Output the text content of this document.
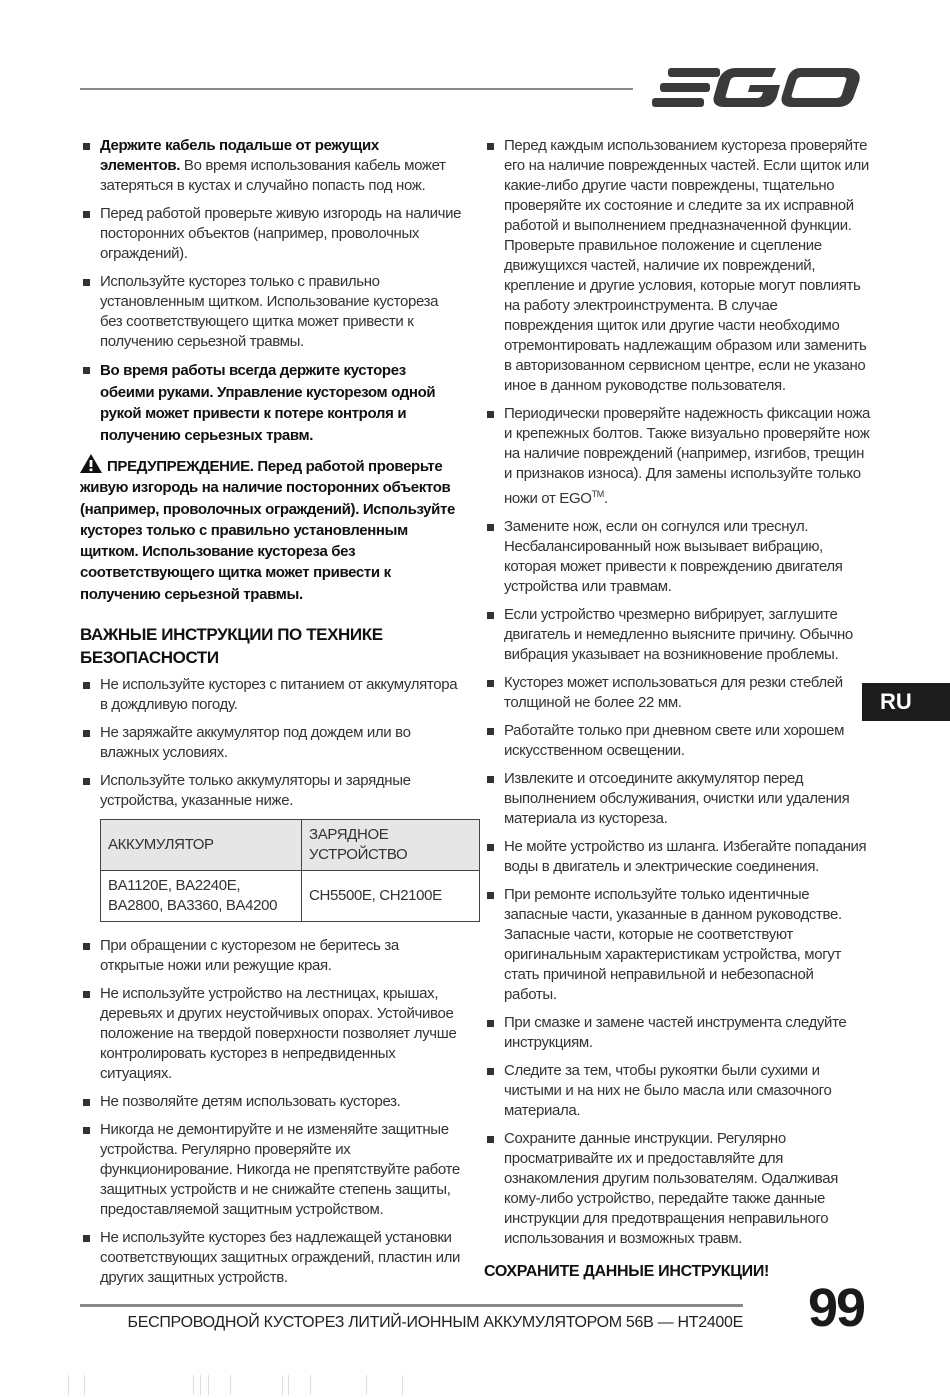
Держите кабель подальше от режущих элементов. Во время использования кабель может затеряться в кустах и случайно попасть под нож.
Перед работой проверьте живую изгородь на наличие посторонних объектов (например, проволочных ограждений).
Используйте кусторез только с правильно установленным щитком. Использование кустореза без соответствующего щитка может привести к получению серьезной травмы.
Во время работы всегда держите кусторез обеими руками. Управление кусторезом одной рукой может привести к потере контроля и получению серьезных травм.
ПРЕДУПРЕЖДЕНИЕ. Перед работой проверьте живую изгородь на наличие посторонних объектов (например, проволочных ограждений). Используйте кусторез только с правильно установленным щитком. Использование кустореза без соответствующего щитка может привести к получению серьезной травмы.
ВАЖНЫЕ ИНСТРУКЦИИ ПО ТЕХНИКЕ БЕЗОПАСНОСТИ
Не используйте кусторез с питанием от аккумулятора в дождливую погоду.
Не заряжайте аккумулятор под дождем или во влажных условиях.
Используйте только аккумуляторы и зарядные устройства, указанные ниже.
АККУМУЛЯТОР	ЗАРЯДНОЕ УСТРОЙСТВО
BA1120E, BA2240E, BA2800, BA3360, BA4200	CH5500E, CH2100E
При обращении с кусторезом не беритесь за открытые ножи или режущие края.
Не используйте устройство на лестницах, крышах, деревьях и других неустойчивых опорах. Устойчивое положение на твердой поверхности позволяет лучше контролировать кусторез в непредвиденных ситуациях.
Не позволяйте детям использовать кусторез.
Никогда не демонтируйте и не изменяйте защитные устройства. Регулярно проверяйте их функционирование. Никогда не препятствуйте работе защитных устройств и не снижайте степень защиты, предоставляемой защитным устройством.
Не используйте кусторез без надлежащей установки соответствующих защитных ограждений, пластин или других защитных устройств.
Перед каждым использованием кустореза проверяйте его на наличие поврежденных частей. Если щиток или какие-либо другие части повреждены, тщательно проверяйте их состояние и следите за их исправной работой и выполнением предназначенной функции. Проверьте правильное положение и сцепление движущихся частей, наличие их повреждений, крепление и другие условия, которые могут повлиять на работу электроинструмента. В случае повреждения щиток или другие части необходимо отремонтировать надлежащим образом или заменить в авторизованном сервисном центре, если не указано иное в данном руководстве пользователя.
Периодически проверяйте надежность фиксации ножа и крепежных болтов. Также визуально проверяйте нож на наличие повреждений (например, изгибов, трещин и признаков износа). Для замены используйте только ножи от EGO™.
Замените нож, если он согнулся или треснул. Несбалансированный нож вызывает вибрацию, которая может привести к повреждению двигателя устройства или травмам.
Если устройство чрезмерно вибрирует, заглушите двигатель и немедленно выясните причину. Обычно вибрация указывает на возникновение проблемы.
Кусторез может использоваться для резки стеблей толщиной не более 22 мм.
Работайте только при дневном свете или хорошем искусственном освещении.
Извлеките и отсоедините аккумулятор перед выполнением обслуживания, очистки или удаления материала из кустореза.
Не мойте устройство из шланга. Избегайте попадания воды в двигатель и электрические соединения.
При ремонте используйте только идентичные запасные части, указанные в данном руководстве. Запасные части, которые не соответствуют оригинальным характеристикам устройства, могут стать причиной неправильной и небезопасной работы.
При смазке и замене частей инструмента следуйте инструкциям.
Следите за тем, чтобы рукоятки были сухими и чистыми и на них не было масла или смазочного материала.
Сохраните данные инструкции. Регулярно просматривайте их и предоставляйте для ознакомления другим пользователям. Одалживая кому-либо устройство, передайте также данные инструкции для предотвращения неправильного использования и возможных травм.
СОХРАНИТЕ ДАННЫЕ ИНСТРУКЦИИ!
RU
99
БЕСПРОВОДНОЙ КУСТОРЕЗ ЛИТИЙ-ИОННЫМ АККУМУЛЯТОРОМ 56В — HT2400E
